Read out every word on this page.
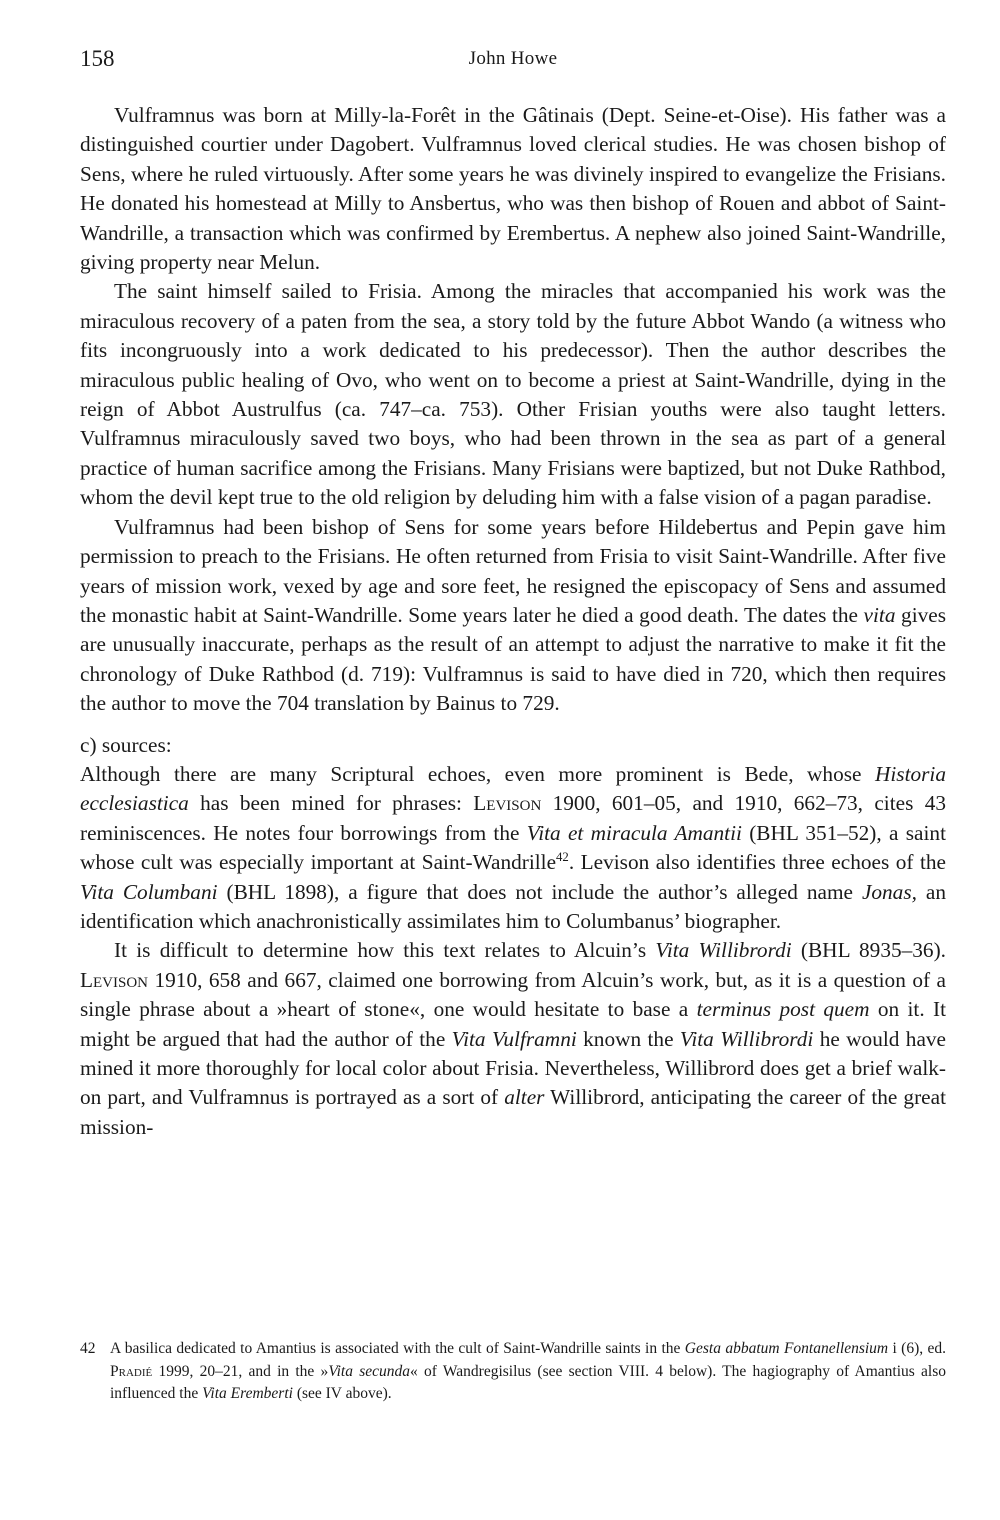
158	John Howe

Vulframnus was born at Milly-la-Forêt in the Gâtinais (Dept. Seine-et-Oise). His father was a distinguished courtier under Dagobert. Vulframnus loved clerical studies. He was chosen bishop of Sens, where he ruled virtuously. After some years he was divinely inspired to evangelize the Frisians. He donated his homestead at Milly to Ansbertus, who was then bishop of Rouen and abbot of Saint-Wandrille, a transaction which was confirmed by Erembertus. A nephew also joined Saint-Wandrille, giving property near Melun.

The saint himself sailed to Frisia. Among the miracles that accompanied his work was the miraculous recovery of a paten from the sea, a story told by the future Abbot Wando (a witness who fits incongruously into a work dedicated to his predecessor). Then the author describes the miraculous public healing of Ovo, who went on to become a priest at Saint-Wandrille, dying in the reign of Abbot Austrulfus (ca. 747–ca. 753). Other Frisian youths were also taught letters. Vulframnus miraculously saved two boys, who had been thrown in the sea as part of a general practice of human sacrifice among the Frisians. Many Frisians were baptized, but not Duke Rathbod, whom the devil kept true to the old religion by deluding him with a false vision of a pagan paradise.

Vulframnus had been bishop of Sens for some years before Hildebertus and Pepin gave him permission to preach to the Frisians. He often returned from Frisia to visit Saint-Wandrille. After five years of mission work, vexed by age and sore feet, he resigned the episcopacy of Sens and assumed the monastic habit at Saint-Wandrille. Some years later he died a good death. The dates the vita gives are unusually inaccurate, perhaps as the result of an attempt to adjust the narrative to make it fit the chronology of Duke Rathbod (d. 719): Vulframnus is said to have died in 720, which then requires the author to move the 704 translation by Bainus to 729.

c) sources:

Although there are many Scriptural echoes, even more prominent is Bede, whose Historia ecclesiastica has been mined for phrases: Levison 1900, 601–05, and 1910, 662–73, cites 43 reminiscences. He notes four borrowings from the Vita et miracula Amantii (BHL 351–52), a saint whose cult was especially important at Saint-Wandrille$^{42}$. Levison also identifies three echoes of the Vita Columbani (BHL 1898), a figure that does not include the author’s alleged name Jonas, an identification which anachronistically assimilates him to Columbanus’ biographer.

It is difficult to determine how this text relates to Alcuin’s Vita Willibrordi (BHL 8935–36). Levison 1910, 658 and 667, claimed one borrowing from Alcuin’s work, but, as it is a question of a single phrase about a »heart of stone«, one would hesitate to base a terminus post quem on it. It might be argued that had the author of the Vita Vulframni known the Vita Willibrordi he would have mined it more thoroughly for local color about Frisia. Nevertheless, Willibrord does get a brief walk-on part, and Vulframnus is portrayed as a sort of alter Willibrord, anticipating the career of the great mission-

42 A basilica dedicated to Amantius is associated with the cult of Saint-Wandrille saints in the Gesta abbatum Fontanellensium i (6), ed. Pradié 1999, 20–21, and in the »Vita secunda« of Wandregisilus (see section VIII. 4 below). The hagiography of Amantius also influenced the Vita Eremberti (see IV above).
